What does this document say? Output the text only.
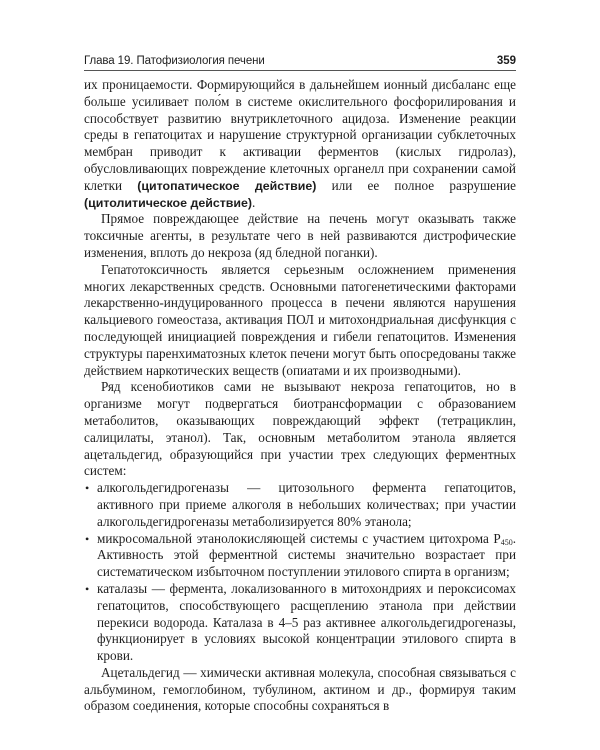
Глава 19. Патофизиология печени	359

их проницаемости. Формирующийся в дальнейшем ионный дисбаланс еще больше усиливает поло́м в системе окислительного фосфорилирования и способствует развитию внутриклеточного ацидоза. Изменение реакции среды в гепатоцитах и нарушение структурной организации субклеточных мембран приводит к активации ферментов (кислых гидролаз), обусловливающих повреждение клеточных органелл при сохранении самой клетки (цитопатическое действие) или ее полное разрушение (цитолитическое действие).

Прямое повреждающее действие на печень могут оказывать также токсичные агенты, в результате чего в ней развиваются дистрофические изменения, вплоть до некроза (яд бледной поганки).

Гепатотоксичность является серьезным осложнением применения многих лекарственных средств. Основными патогенетическими факторами лекарственно-индуцированного процесса в печени являются нарушения кальциевого гомеостаза, активация ПОЛ и митохондриальная дисфункция с последующей инициацией повреждения и гибели гепатоцитов. Изменения структуры паренхиматозных клеток печени могут быть опосредованы также действием наркотических веществ (опиатами и их производными).

Ряд ксенобиотиков сами не вызывают некроза гепатоцитов, но в организме могут подвергаться биотрансформации с образованием метаболитов, оказывающих повреждающий эффект (тетрациклин, салицилаты, этанол). Так, основным метаболитом этанола является ацетальдегид, образующийся при участии трех следующих ферментных систем:

• алкогольдегидрогеназы — цитозольного фермента гепатоцитов, активного при приеме алкоголя в небольших количествах; при участии алкогольдегидрогеназы метаболизируется 80% этанола;
• микросомальной этанолокисляющей системы с участием цитохрома $P_{450}$. Активность этой ферментной системы значительно возрастает при систематическом избыточном поступлении этилового спирта в организм;
• каталазы — фермента, локализованного в митохондриях и пероксисомах гепатоцитов, способствующего расщеплению этанола при действии перекиси водорода. Каталаза в 4–5 раз активнее алкогольдегидрогеназы, функционирует в условиях высокой концентрации этилового спирта в крови.

Ацетальдегид — химически активная молекула, способная связываться с альбумином, гемоглобином, тубулином, актином и др., формируя таким образом соединения, которые способны сохраняться в
